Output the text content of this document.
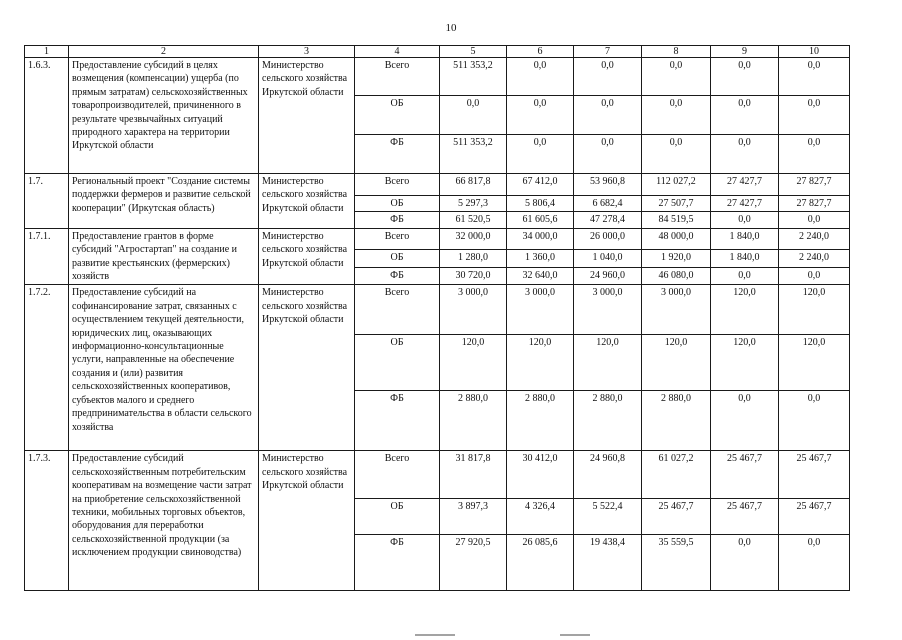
10
1	2	3	4	5	6	7	8	9	10
1.6.3.	Предоставление субсидий в целях возмещения (компенсации) ущерба (по прямым затратам) сельскохозяйственных товаропроизводителей, причиненного в результате чрезвычайных ситуаций природного характера на территории Иркутской области	Министерство сельского хозяйства Иркутской области	Всего	511 353,2	0,0	0,0	0,0	0,0	0,0
			ОБ	0,0	0,0	0,0	0,0	0,0	0,0
			ФБ	511 353,2	0,0	0,0	0,0	0,0	0,0
1.7.	Региональный проект "Создание системы поддержки фермеров и развитие сельской кооперации" (Иркутская область)	Министерство сельского хозяйства Иркутской области	Всего	66 817,8	67 412,0	53 960,8	112 027,2	27 427,7	27 827,7
			ОБ	5 297,3	5 806,4	6 682,4	27 507,7	27 427,7	27 827,7
			ФБ	61 520,5	61 605,6	47 278,4	84 519,5	0,0	0,0
1.7.1.	Предоставление грантов в форме субсидий "Агростартап" на создание и развитие крестьянских (фермерских) хозяйств	Министерство сельского хозяйства Иркутской области	Всего	32 000,0	34 000,0	26 000,0	48 000,0	1 840,0	2 240,0
			ОБ	1 280,0	1 360,0	1 040,0	1 920,0	1 840,0	2 240,0
			ФБ	30 720,0	32 640,0	24 960,0	46 080,0	0,0	0,0
1.7.2.	Предоставление субсидий на софинансирование затрат, связанных с осуществлением текущей деятельности, юридических лиц, оказывающих информационно-консультационные услуги, направленные на обеспечение создания и (или) развития сельскохозяйственных кооперативов, субъектов малого и среднего предпринимательства в области сельского хозяйства	Министерство сельского хозяйства Иркутской области	Всего	3 000,0	3 000,0	3 000,0	3 000,0	120,0	120,0
			ОБ	120,0	120,0	120,0	120,0	120,0	120,0
			ФБ	2 880,0	2 880,0	2 880,0	2 880,0	0,0	0,0
1.7.3.	Предоставление субсидий сельскохозяйственным потребительским кооперативам на возмещение части затрат на приобретение сельскохозяйственной техники, мобильных торговых объектов, оборудования для переработки сельскохозяйственной продукции (за исключением продукции свиноводства)	Министерство сельского хозяйства Иркутской области	Всего	31 817,8	30 412,0	24 960,8	61 027,2	25 467,7	25 467,7
			ОБ	3 897,3	4 326,4	5 522,4	25 467,7	25 467,7	25 467,7
			ФБ	27 920,5	26 085,6	19 438,4	35 559,5	0,0	0,0
